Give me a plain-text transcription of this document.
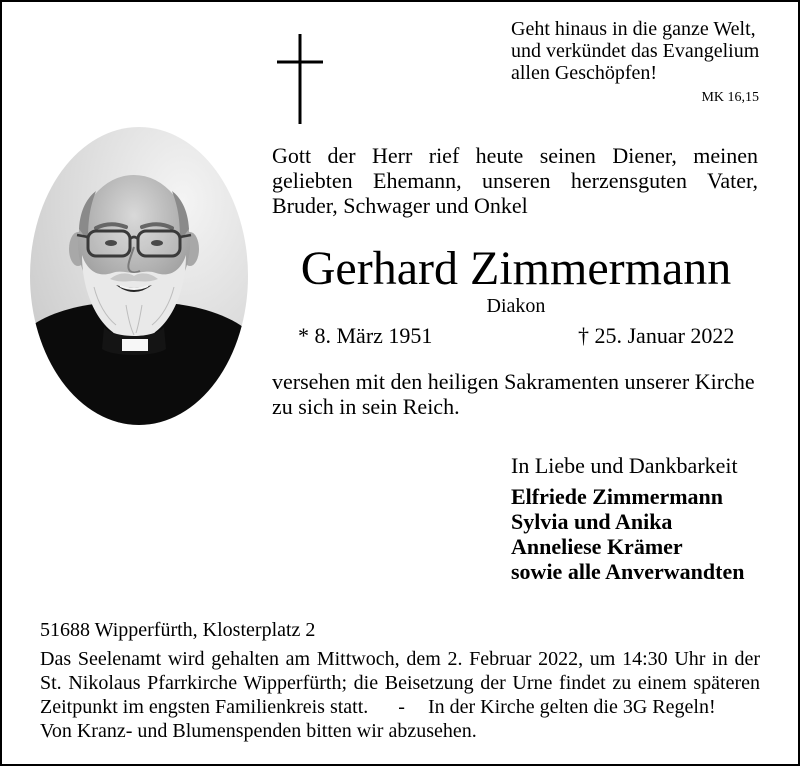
Geht hinaus in die ganze Welt,
und verkündet das Evangelium
allen Geschöpfen!
MK 16,15
Gott der Herr rief heute seinen Diener, meinen
geliebten Ehemann, unseren herzensguten Vater,
Bruder, Schwager und Onkel
Gerhard Zimmermann
Diakon
* 8. März 1951	† 25. Januar 2022
versehen mit den heiligen Sakramenten unserer Kirche
zu sich in sein Reich.
In Liebe und Dankbarkeit
Elfriede Zimmermann
Sylvia und Anika
Anneliese Krämer
sowie alle Anverwandten
51688 Wipperfürth, Klosterplatz 2
Das Seelenamt wird gehalten am Mittwoch, dem 2. Februar 2022, um 14:30 Uhr in der
St. Nikolaus Pfarrkirche Wipperfürth; die Beisetzung der Urne findet zu einem späteren
Zeitpunkt im engsten Familienkreis statt. - In der Kirche gelten die 3G Regeln!
Von Kranz- und Blumenspenden bitten wir abzusehen.
